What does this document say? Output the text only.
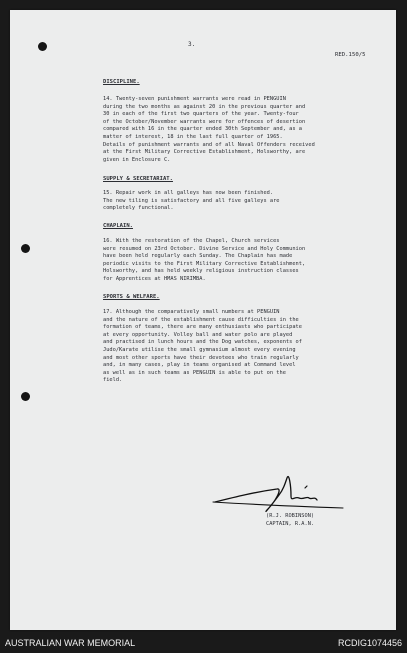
3.
RED.150/5
DISCIPLINE.
14. Twenty-seven punishment warrants were read in PENGUIN
during the two months as against 20 in the previous quarter and
30 in each of the first two quarters of the year. Twenty-four
of the October/November warrants were for offences of desertion
compared with 16 in the quarter ended 30th September and, as a
matter of interest, 18 in the last full quarter of 1965.
Details of punishment warrants and of all Naval Offenders received
at the First Military Corrective Establishment, Holsworthy, are
given in Enclosure C.
SUPPLY & SECRETARIAT.
15. Repair work in all galleys has now been finished.
The new tiling is satisfactory and all five galleys are
completely functional.
CHAPLAIN.
16. With the restoration of the Chapel, Church services
were resumed on 23rd October. Divine Service and Holy Communion
have been held regularly each Sunday. The Chaplain has made
periodic visits to the First Military Corrective Establishment,
Holsworthy, and has held weekly religious instruction classes
for Apprentices at HMAS NIRIMBA.
SPORTS & WELFARE.
17. Although the comparatively small numbers at PENGUIN
and the nature of the establishment cause difficulties in the
formation of teams, there are many enthusiasts who participate
at every opportunity. Volley ball and water polo are played
and practised in lunch hours and the Dog watches, exponents of
Judo/Karate utilise the small gymnasium almost every evening
and most other sports have their devotees who train regularly
and, in many cases, play in teams organised at Command level
as well as in such teams as PENGUIN is able to put on the
field.
(R.J. ROBINSON)
CAPTAIN, R.A.N.
AUSTRALIAN WAR MEMORIAL	RCDIG1074456
